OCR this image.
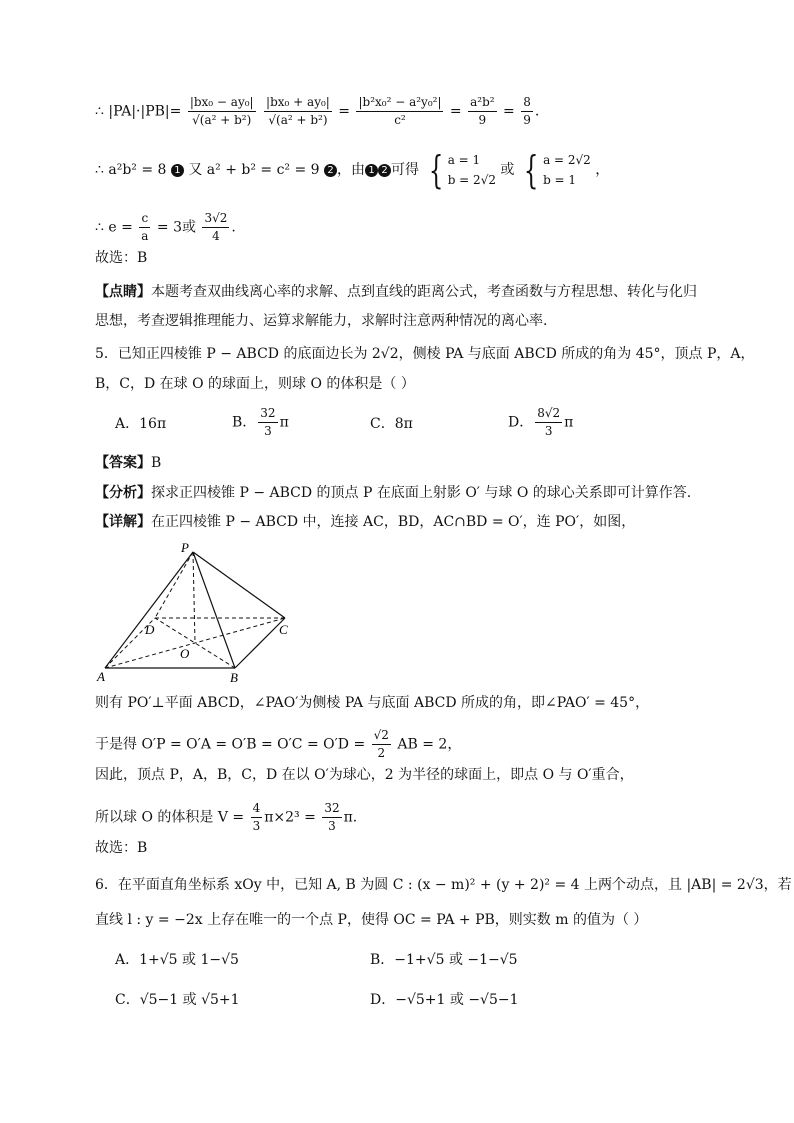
∴ $|PA|\cdot|PB|= \frac{\text{|bx₀ − ay₀|}}{\text{√(a² + b²)}}$
$\frac{\text{|bx₀ + ay₀|}}{\text{√(a² + b²)}} = \frac{\text{|b²x₀² − a²y₀²|}}{\text{c²}} = \frac{\text{a²b²}}{9} = \frac{8}{9}$ .
∴ a²b² = 8 1 又 a² + b² = c² = 9 2 ，由 1 2 可得 { a = 1
b = 2√2
或 { a = 2√2
b = 1
，
∴ $e = \frac{c}{a} = 3$或 $\frac{3√2}{4}$ .
故选：B
【点睛】本题考查双曲线离心率的求解、点到直线的距离公式，考查函数与方程思想、转化与化归
思想，考查逻辑推理能力、运算求解能力，求解时注意两种情况的离心率.
5．已知正四棱锥 P − ABCD 的底面边长为 2√2，侧棱 PA 与底面 ABCD 所成的角为 45°，顶点 P，A，
B，C，D 在球 O 的球面上，则球 O 的体积是（ ）
A．16π	B． $\frac{32}{3}$ π	C．8π	D． $\frac{8√2}{3}$ π
【答案】B
【分析】探求正四棱锥 P − ABCD 的顶点 P 在底面上射影 O′ 与球 O 的球心关系即可计算作答.
【详解】在正四棱锥 P − ABCD 中，连接 AC，BD，AC∩BD = O′，连 PO′，如图，
P
A	B
C
D
O
则有 PO′⊥平面 ABCD，∠PAO′为侧棱 PA 与底面 ABCD 所成的角，即∠PAO′ = 45°，
于是得 $O'P = O'A = O'B = O'C = O'D = \frac{√2}{2}$ AB = 2，
因此，顶点 P，A，B，C，D 在以 O′为球心，2 为半径的球面上，即点 O 与 O′重合，
所以球 O 的体积是 $V = \frac{4}{3} \pi\times 2^3 = \frac{32}{3} \pi$.
故选：B
6．在平面直角坐标系 xOy 中，已知 A, B 为圆 C : (x − m)² + (y + 2)² = 4 上两个动点，且 |AB| = 2√3，若
直线 l : y = −2x 上存在唯一的一个点 P，使得 OC = PA + PB，则实数 m 的值为（ ）
A．1+√5 或 1−√5	B．−1+√5 或 −1−√5
C．√5−1 或 √5+1	D．−√5+1 或 −√5−1
